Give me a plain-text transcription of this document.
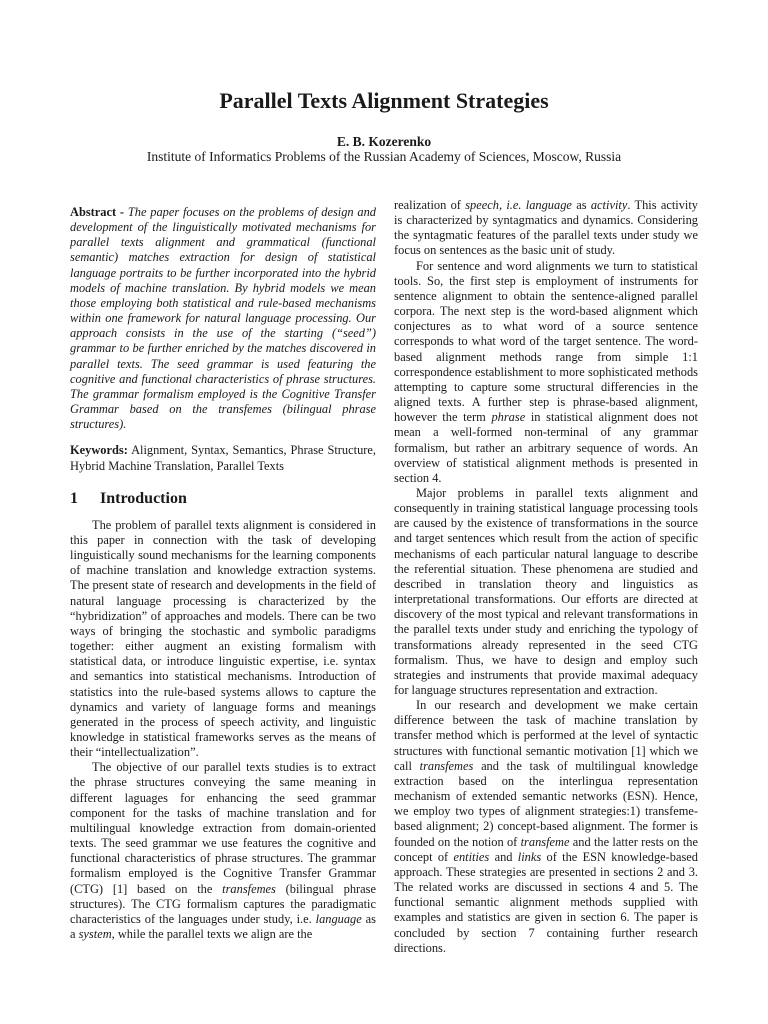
Parallel Texts Alignment Strategies
E. B. Kozerenko
Institute of Informatics Problems of the Russian Academy of Sciences, Moscow, Russia

Abstract - The paper focuses on the problems of design and development of the linguistically motivated mechanisms for parallel texts alignment and grammatical (functional semantic) matches extraction for design of statistical language portraits to be further incorporated into the hybrid models of machine translation. By hybrid models we mean those employing both statistical and rule-based mechanisms within one framework for natural language processing. Our approach consists in the use of the starting (“seed”) grammar to be further enriched by the matches discovered in parallel texts. The seed grammar is used featuring the cognitive and functional characteristics of phrase structures. The grammar formalism employed is the Cognitive Transfer Grammar based on the transfemes (bilingual phrase structures).

Keywords: Alignment, Syntax, Semantics, Phrase Structure, Hybrid Machine Translation, Parallel Texts

1 Introduction

The problem of parallel texts alignment is considered in this paper in connection with the task of developing linguistically sound mechanisms for the learning components of machine translation and knowledge extraction systems. The present state of research and developments in the field of natural language processing is characterized by the “hybridization” of approaches and models. There can be two ways of bringing the stochastic and symbolic paradigms together: either augment an existing formalism with statistical data, or introduce linguistic expertise, i.e. syntax and semantics into statistical mechanisms. Introduction of statistics into the rule-based systems allows to capture the dynamics and variety of language forms and meanings generated in the process of speech activity, and linguistic knowledge in statistical frameworks serves as the means of their “intellectualization”.

The objective of our parallel texts studies is to extract the phrase structures conveying the same meaning in different laguages for enhancing the seed grammar component for the tasks of machine translation and for multilingual knowledge extraction from domain-oriented texts. The seed grammar we use features the cognitive and functional characteristics of phrase structures. The grammar formalism employed is the Cognitive Transfer Grammar (CTG) [1] based on the transfemes (bilingual phrase structures). The CTG formalism captures the paradigmatic characteristics of the languages under study, i.e. language as a system, while the parallel texts we align are the

realization of speech, i.e. language as activity. This activity is characterized by syntagmatics and dynamics. Considering the syntagmatic features of the parallel texts under study we focus on sentences as the basic unit of study.

For sentence and word alignments we turn to statistical tools. So, the first step is employment of instruments for sentence alignment to obtain the sentence-aligned parallel corpora. The next step is the word-based alignment which conjectures as to what word of a source sentence corresponds to what word of the target sentence. The word-based alignment methods range from simple 1:1 correspondence establishment to more sophisticated methods attempting to capture some structural differencies in the aligned texts. A further step is phrase-based alignment, however the term phrase in statistical alignment does not mean a well-formed non-terminal of any grammar formalism, but rather an arbitrary sequence of words. An overview of statistical alignment methods is presented in section 4.

Major problems in parallel texts alignment and consequently in training statistical language processing tools are caused by the existence of transformations in the source and target sentences which result from the action of specific mechanisms of each particular natural language to describe the referential situation. These phenomena are studied and described in translation theory and linguistics as interpretational transformations. Our efforts are directed at discovery of the most typical and relevant transformations in the parallel texts under study and enriching the typology of transformations already represented in the seed CTG formalism. Thus, we have to design and employ such strategies and instruments that provide maximal adequacy for language structures representation and extraction.

In our research and development we make certain difference between the task of machine translation by transfer method which is performed at the level of syntactic structures with functional semantic motivation [1] which we call transfemes and the task of multilingual knowledge extraction based on the interlingua representation mechanism of extended semantic networks (ESN). Hence, we employ two types of alignment strategies:1) transfeme-based alignment; 2) concept-based alignment. The former is founded on the notion of transfeme and the latter rests on the concept of entities and links of the ESN knowledge-based approach. These strategies are presented in sections 2 and 3. The related works are discussed in sections 4 and 5. The functional semantic alignment methods supplied with examples and statistics are given in section 6. The paper is concluded by section 7 containing further research directions.
